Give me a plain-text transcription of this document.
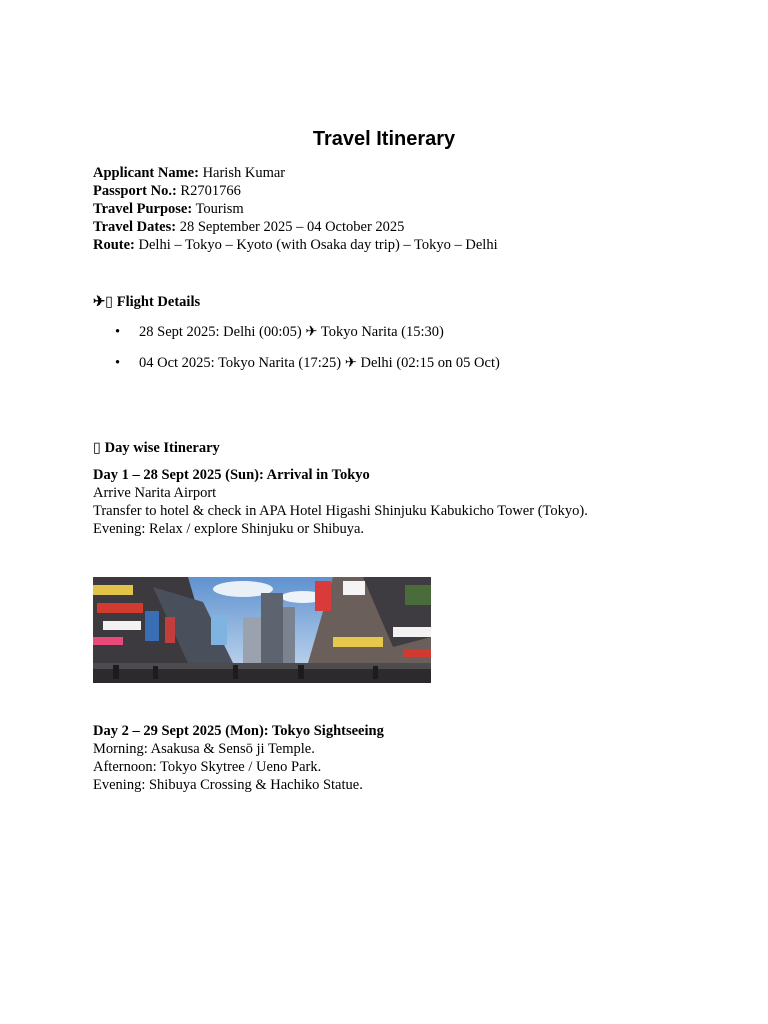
Travel Itinerary
Applicant Name: Harish Kumar
Passport No.: R2701766
Travel Purpose: Tourism
Travel Dates: 28 September 2025 – 04 October 2025
Route: Delhi – Tokyo – Kyoto (with Osaka day trip) – Tokyo – Delhi
✈▯ Flight Details
• 28 Sept 2025: Delhi (00:05) ✈ Tokyo Narita (15:30)
• 04 Oct 2025: Tokyo Narita (17:25) ✈ Delhi (02:15 on 05 Oct)
▯ Day wise Itinerary
Day 1 – 28 Sept 2025 (Sun): Arrival in Tokyo
Arrive Narita Airport
Transfer to hotel & check in APA Hotel Higashi Shinjuku Kabukicho Tower (Tokyo).
Evening: Relax / explore Shinjuku or Shibuya.
Day 2 – 29 Sept 2025 (Mon): Tokyo Sightseeing
Morning: Asakusa & Sensō ji Temple.
Afternoon: Tokyo Skytree / Ueno Park.
Evening: Shibuya Crossing & Hachiko Statue.
